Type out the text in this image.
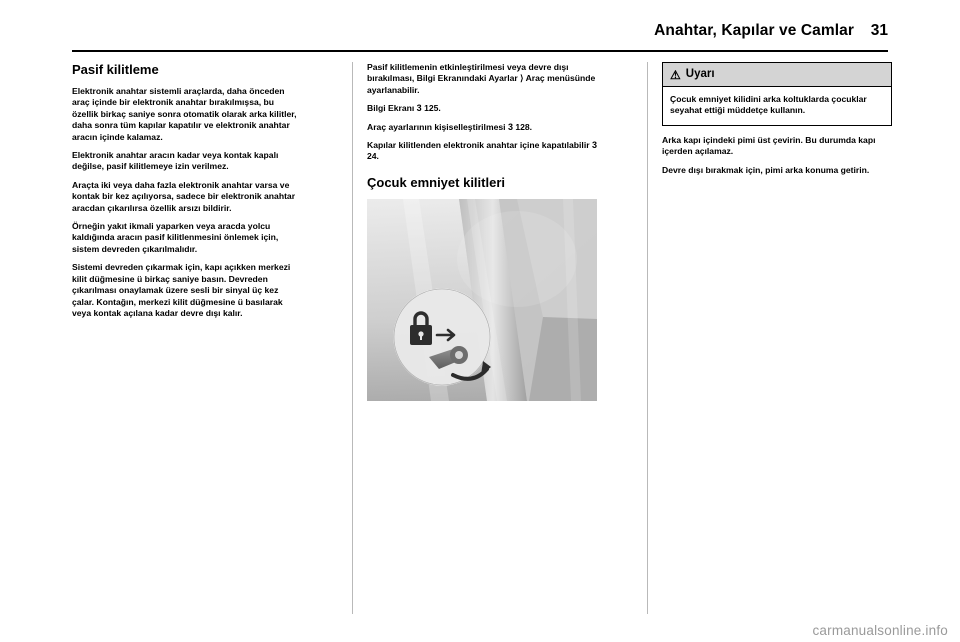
Anahtar, Kapılar ve Camlar 31
Pasif kilitleme

Elektronik anahtar sistemli araçlarda, daha önceden araç içinde bir elektronik anahtar bırakılmışsa, bu özellik birkaç saniye sonra otomatik olarak arka kilitler, daha sonra tüm kapılar kapatılır ve elektronik anahtar aracın içinde kalamaz.

Elektronik anahtar aracın kadar veya kontak kapalı değilse, pasif kilitlemeye izin verilmez.

Araçta iki veya daha fazla elektronik anahtar varsa ve kontak bir kez açılıyorsa, sadece bir elektronik anahtar aracdan çıkarılırsa özellik arsızı bildirir.

Örneğin yakıt ikmali yaparken veya aracda yolcu kaldığında aracın pasif kilitlenmesini önlemek için, sistem devreden çıkarılmalıdır.

Sistemi devreden çıkarmak için, kapı açıkken merkezi kilit düğmesine ü birkaç saniye basın. Devreden çıkarılması onaylamak üzere sesli bir sinyal üç kez çalar. Kontağın, merkezi kilit düğmesine ü basılarak veya kontak açılana kadar devre dışı kalır.

Pasif kilitlemenin etkinleştirilmesi veya devre dışı bırakılması, Bilgi Ekranındaki Ayarlar ⟩ Araç menüsünde ayarlanabilir.

Bilgi Ekranı 3 125.

Araç ayarlarının kişiselleştirilmesi 3 128.

Kapılar kilitlenden elektronik anahtar içine kapatılabilir 3 24.

Çocuk emniyet kilitleri
⚠ Uyarı
Çocuk emniyet kilidini arka koltuklarda çocuklar seyahat ettiği müddetçe kullanın.

Arka kapı içindeki pimi üst çevirin. Bu durumda kapı içerden açılamaz.

Devre dışı bırakmak için, pimi arka konuma getirin.

carmanualsonline.info
